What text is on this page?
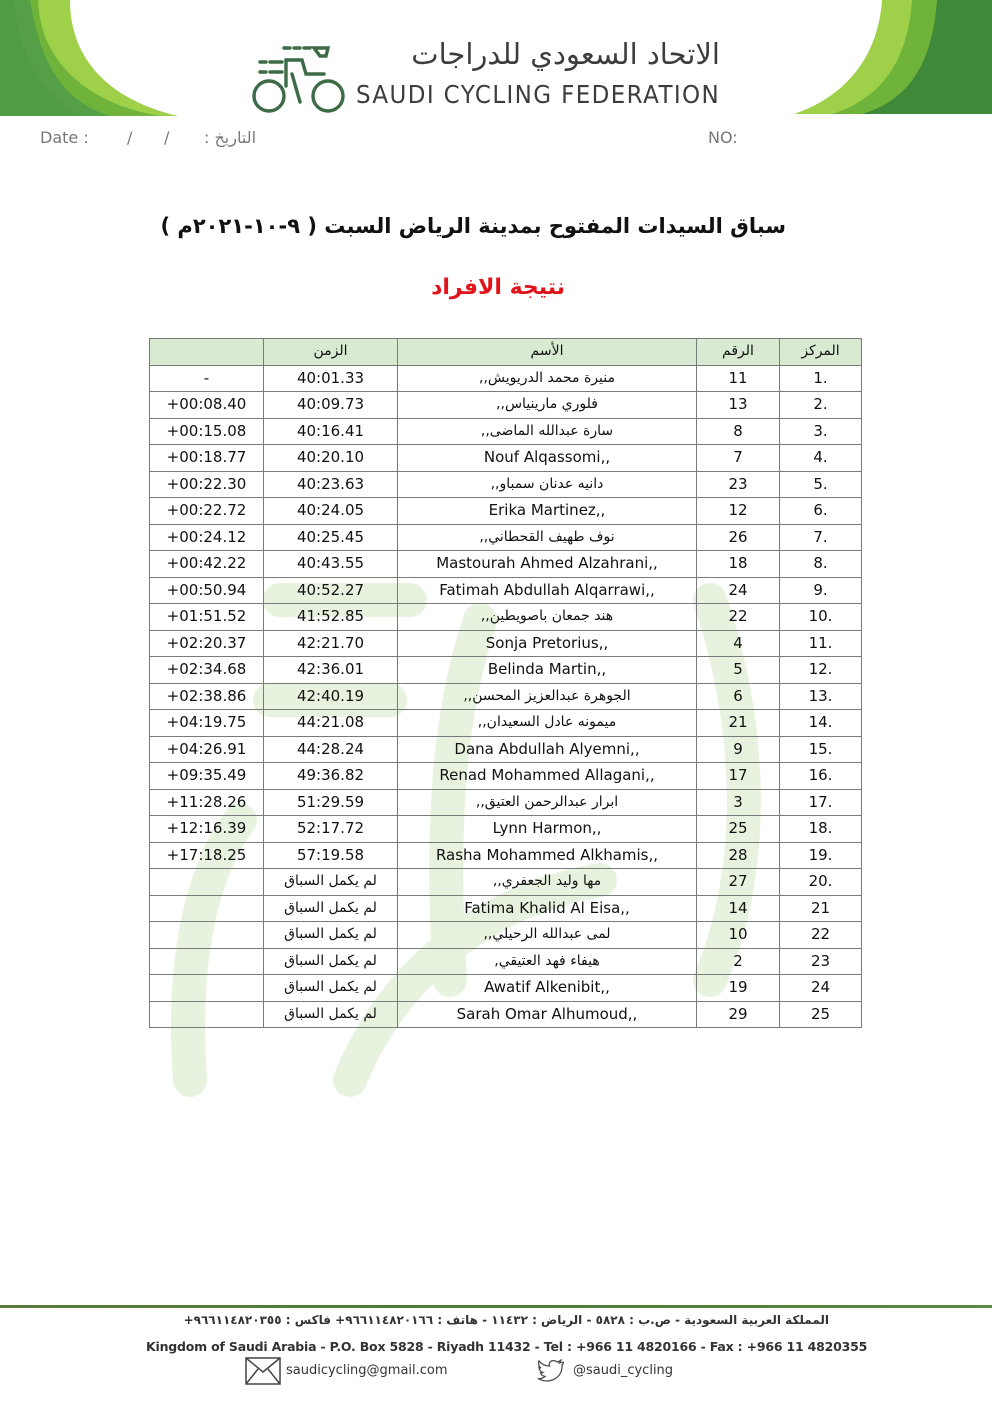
الاتحاد السعودي للدراجات
SAUDI CYCLING FEDERATION
Date : / / التاريخ :	NO:
سباق السيدات المفتوح بمدينة الرياض السبت ( ٩-١٠-٢٠٢١م )
نتيجة الافراد
	الزمن	الأسم	الرقم	المركز
-	40:01.33	منيرة محمد الدريويش,,	11	1.
+00:08.40	40:09.73	فلوري مارينياس,,	13	2.
+00:15.08	40:16.41	سارة عبدالله الماضى,,	8	3.
+00:18.77	40:20.10	Nouf Alqassomi,,	7	4.
+00:22.30	40:23.63	دانيه عدنان سمباو,,	23	5.
+00:22.72	40:24.05	Erika Martinez,,	12	6.
+00:24.12	40:25.45	نوف طهيف القحطاني,,	26	7.
+00:42.22	40:43.55	Mastourah Ahmed Alzahrani,,	18	8.
+00:50.94	40:52.27	Fatimah Abdullah Alqarrawi,,	24	9.
+01:51.52	41:52.85	هند جمعان باصويطين,,	22	10.
+02:20.37	42:21.70	Sonja Pretorius,,	4	11.
+02:34.68	42:36.01	Belinda Martin,,	5	12.
+02:38.86	42:40.19	الجوهرة عبدالعزيز المحسن,,	6	13.
+04:19.75	44:21.08	ميمونه عادل السعيدان,,	21	14.
+04:26.91	44:28.24	Dana Abdullah Alyemni,,	9	15.
+09:35.49	49:36.82	Renad Mohammed Allagani,,	17	16.
+11:28.26	51:29.59	ابرار عبدالرحمن العتيق,,	3	17.
+12:16.39	52:17.72	Lynn Harmon,,	25	18.
+17:18.25	57:19.58	Rasha Mohammed Alkhamis,,	28	19.
	لم يكمل السباق	مها وليد الجعفري,,	27	20.
	لم يكمل السباق	Fatima Khalid Al Eisa,,	14	21
	لم يكمل السباق	لمى عبدالله الرحيلي,,	10	22
	لم يكمل السباق	هيفاء فهد العتيقي,	2	23
	لم يكمل السباق	Awatif Alkenibit,,	19	24
	لم يكمل السباق	Sarah Omar Alhumoud,,	29	25
المملكة العربية السعودية - ص.ب : ٥٨٢٨ - الرياض : ١١٤٣٢ - هاتف : ٩٦٦١١٤٨٢٠١٦٦+ فاكس : ٩٦٦١١٤٨٢٠٣٥٥+
Kingdom of Saudi Arabia - P.O. Box 5828 - Riyadh 11432 - Tel : +966 11 4820166 - Fax : +966 11 4820355
saudicycling@gmail.com	@saudi_cycling
